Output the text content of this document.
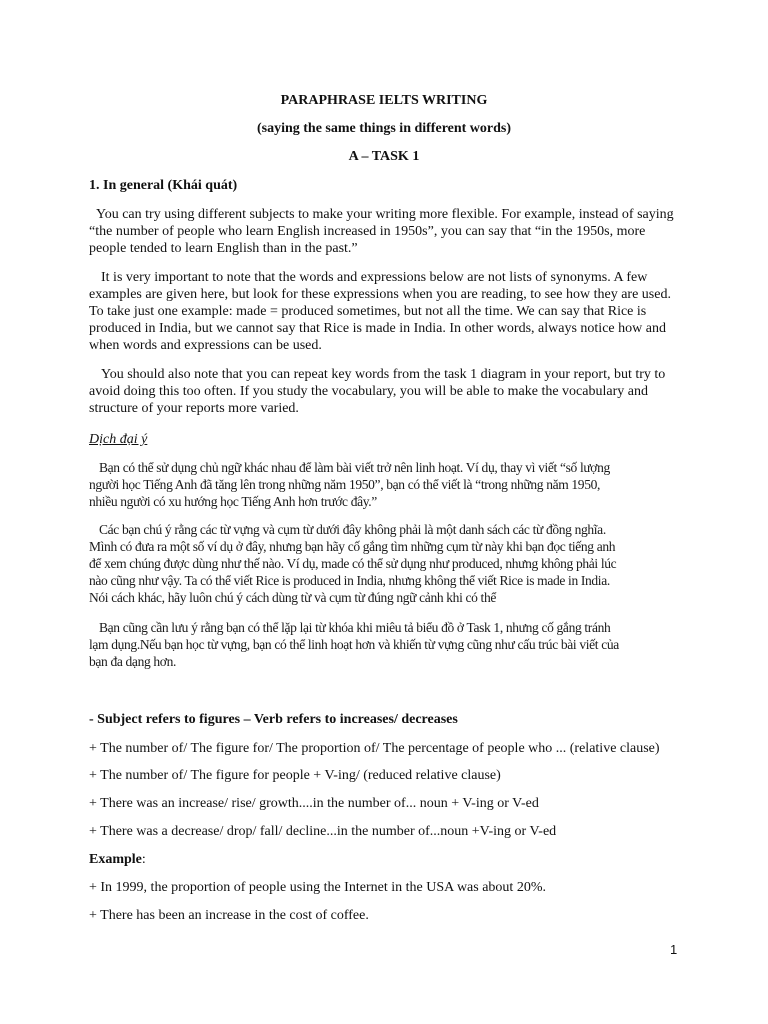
PARAPHRASE IELTS WRITING
(saying the same things in different words)
A – TASK 1
1. In general (Khái quát)
You can try using different subjects to make your writing more flexible. For example, instead of saying
“the number of people who learn English increased in 1950s”, you can say that “in the 1950s, more
people tended to learn English than in the past.”
It is very important to note that the words and expressions below are not lists of synonyms. A few
examples are given here, but look for these expressions when you are reading, to see how they are used.
To take just one example: made = produced sometimes, but not all the time. We can say that Rice is
produced in India, but we cannot say that Rice is made in India. In other words, always notice how and
when words and expressions can be used.
You should also note that you can repeat key words from the task 1 diagram in your report, but try to
avoid doing this too often. If you study the vocabulary, you will be able to make the vocabulary and
structure of your reports more varied.
Dịch đại ý
Bạn có thể sử dụng chủ ngữ khác nhau để làm bài viết trở nên linh hoạt. Ví dụ, thay vì viết “số lượng
người học Tiếng Anh đã tăng lên trong những năm 1950”, bạn có thể viết là “trong những năm 1950,
nhiều người có xu hướng học Tiếng Anh hơn trước đây.”
Các bạn chú ý rằng các từ vựng và cụm từ dưới đây không phải là một danh sách các từ đồng nghĩa.
Mình có đưa ra một số ví dụ ở đây, nhưng bạn hãy cố gắng tìm những cụm từ này khi bạn đọc tiếng anh
để xem chúng được dùng như thế nào. Ví dụ, made có thể sử dụng như produced, nhưng không phải lúc
nào cũng như vậy. Ta có thể viết Rice is produced in India, nhưng không thể viết Rice is made in India.
Nói cách khác, hãy luôn chú ý cách dùng từ và cụm từ đúng ngữ cảnh khi có thể
Bạn cũng cần lưu ý rằng bạn có thể lặp lại từ khóa khi miêu tả biểu đồ ở Task 1, nhưng cố gắng tránh
lạm dụng.Nếu bạn học từ vựng, bạn có thể linh hoạt hơn và khiến từ vựng cũng như cấu trúc bài viết của
bạn đa dạng hơn.
- Subject refers to figures – Verb refers to increases/ decreases
+ The number of/ The figure for/ The proportion of/ The percentage of people who ... (relative clause)
+ The number of/ The figure for people + V-ing/ (reduced relative clause)
+ There was an increase/ rise/ growth....in the number of... noun + V-ing or V-ed
+ There was a decrease/ drop/ fall/ decline...in the number of...noun +V-ing or V-ed
Example:
+ In 1999, the proportion of people using the Internet in the USA was about 20%.
+ There has been an increase in the cost of coffee.
1
